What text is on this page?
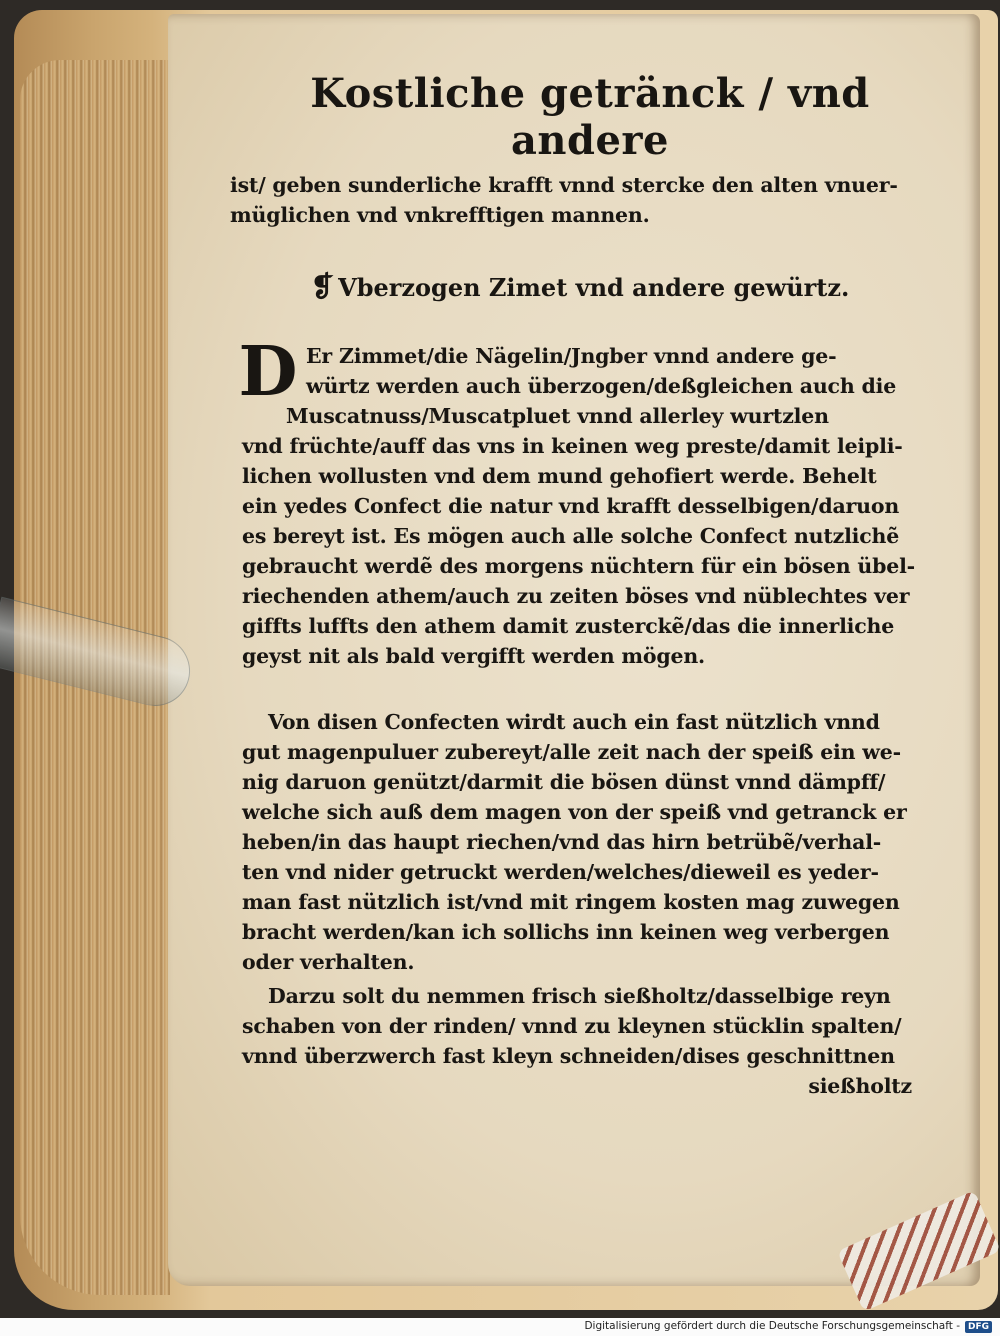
Kostliche getränck / vnd andere

ist/ geben sunderliche krafft vnnd stercke den alten vnuer-

müglichen vnd vnkrefftigen mannen.

❡ Vberzogen Zimet vnd andere gewürtz.
D Er Zimmet/die Nägelin/Jngber vnnd andere ge-

würtz werden auch überzogen/deßgleichen auch die

Muscatnuss/Muscatpluet vnnd allerley wurtzlen

vnd früchte/auff das vns in keinen weg preste/damit leipli-

lichen wollusten vnd dem mund gehofiert werde. Behelt

ein yedes Confect die natur vnd krafft desselbigen/daruon

es bereyt ist. Es mögen auch alle solche Confect nutzlichẽ

gebraucht werdẽ des morgens nüchtern für ein bösen übel-

riechenden athem/auch zu zeiten böses vnd nüblechtes ver

giffts luffts den athem damit zusterckẽ/das die innerliche

geyst nit als bald vergifft werden mögen.

Von disen Confecten wirdt auch ein fast nützlich vnnd

gut magenpuluer zubereyt/alle zeit nach der speiß ein we-

nig daruon genützt/darmit die bösen dünst vnnd dämpff/

welche sich auß dem magen von der speiß vnd getranck er

heben/in das haupt riechen/vnd das hirn betrübẽ/verhal-

ten vnd nider getruckt werden/welches/dieweil es yeder-

man fast nützlich ist/vnd mit ringem kosten mag zuwegen

bracht werden/kan ich sollichs inn keinen weg verbergen

oder verhalten.

Darzu solt du nemmen frisch sießholtz/dasselbige reyn

schaben von der rinden/ vnnd zu kleynen stücklin spalten/

vnnd überzwerch fast kleyn schneiden/dises geschnittnen

sießholtz

Digitalisierung gefördert durch die Deutsche Forschungsgemeinschaft - DFG
